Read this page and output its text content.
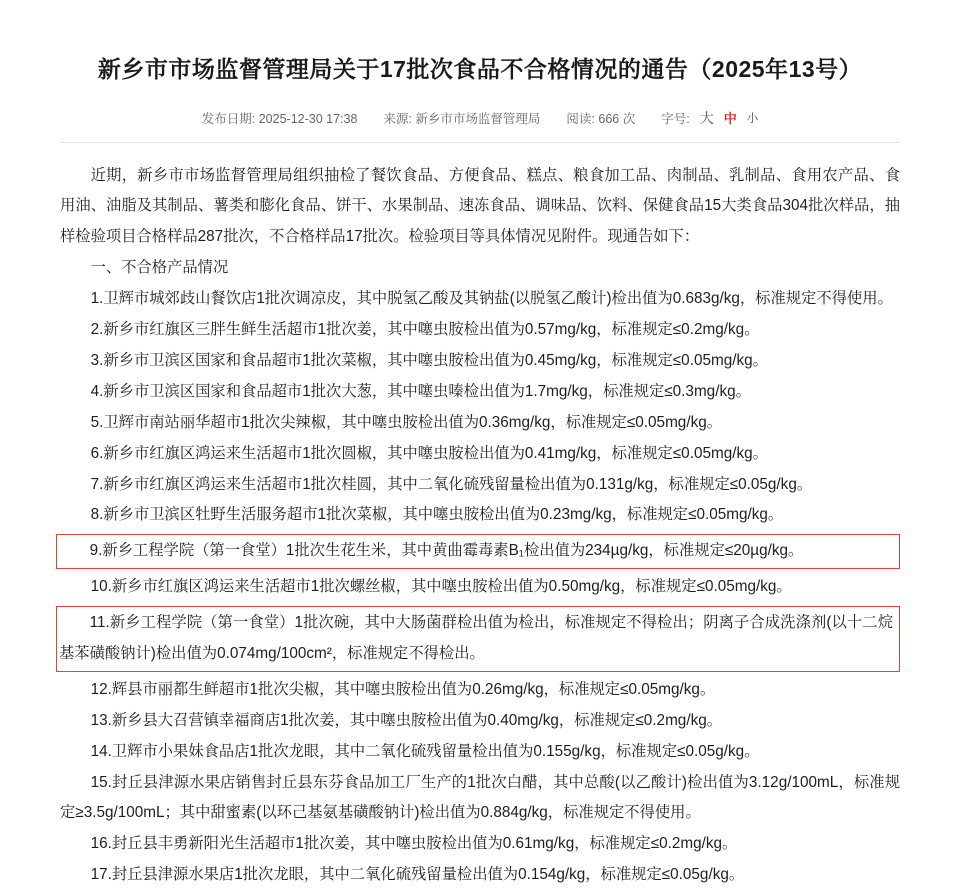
新乡市市场监督管理局关于17批次食品不合格情况的通告（2025年13号）
发布日期: 2025-12-30 17:38 来源: 新乡市市场监督管理局 阅读: 666 次 字号: 大 中 小

近期，新乡市市场监督管理局组织抽检了餐饮食品、方便食品、糕点、粮食加工品、肉制品、乳制品、食用农产品、食用油、油脂及其制品、薯类和膨化食品、饼干、水果制品、速冻食品、调味品、饮料、保健食品15大类食品304批次样品，抽样检验项目合格样品287批次，不合格样品17批次。检验项目等具体情况见附件。现通告如下：

一、不合格产品情况

1.卫辉市城郊歧山餐饮店1批次调凉皮，其中脱氢乙酸及其钠盐(以脱氢乙酸计)检出值为0.683g/kg，标准规定不得使用。

2.新乡市红旗区三胖生鲜生活超市1批次姜，其中噻虫胺检出值为0.57mg/kg，标准规定≤0.2mg/kg。

3.新乡市卫滨区国家和食品超市1批次菜椒，其中噻虫胺检出值为0.45mg/kg，标准规定≤0.05mg/kg。

4.新乡市卫滨区国家和食品超市1批次大葱，其中噻虫嗪检出值为1.7mg/kg，标准规定≤0.3mg/kg。

5.卫辉市南站丽华超市1批次尖辣椒，其中噻虫胺检出值为0.36mg/kg，标准规定≤0.05mg/kg。

6.新乡市红旗区鸿运来生活超市1批次圆椒，其中噻虫胺检出值为0.41mg/kg，标准规定≤0.05mg/kg。

7.新乡市红旗区鸿运来生活超市1批次桂圆，其中二氧化硫残留量检出值为0.131g/kg，标准规定≤0.05g/kg。

8.新乡市卫滨区牡野生活服务超市1批次菜椒，其中噻虫胺检出值为0.23mg/kg，标准规定≤0.05mg/kg。

9.新乡工程学院（第一食堂）1批次生花生米，其中黄曲霉毒素B₁检出值为234µg/kg，标准规定≤20µg/kg。

10.新乡市红旗区鸿运来生活超市1批次螺丝椒，其中噻虫胺检出值为0.50mg/kg，标准规定≤0.05mg/kg。

11.新乡工程学院（第一食堂）1批次碗，其中大肠菌群检出值为检出，标准规定不得检出；阴离子合成洗涤剂(以十二烷基苯磺酸钠计)检出值为0.074mg/100cm²，标准规定不得检出。

12.辉县市丽都生鲜超市1批次尖椒，其中噻虫胺检出值为0.26mg/kg，标准规定≤0.05mg/kg。

13.新乡县大召营镇幸福商店1批次姜，其中噻虫胺检出值为0.40mg/kg，标准规定≤0.2mg/kg。

14.卫辉市小果妹食品店1批次龙眼，其中二氧化硫残留量检出值为0.155g/kg，标准规定≤0.05g/kg。

15.封丘县津源水果店销售封丘县东芬食品加工厂生产的1批次白醋，其中总酸(以乙酸计)检出值为3.12g/100mL，标准规定≥3.5g/100mL；其中甜蜜素(以环己基氨基磺酸钠计)检出值为0.884g/kg，标准规定不得使用。

16.封丘县丰勇新阳光生活超市1批次姜，其中噻虫胺检出值为0.61mg/kg，标准规定≤0.2mg/kg。

17.封丘县津源水果店1批次龙眼，其中二氧化硫残留量检出值为0.154g/kg，标准规定≤0.05g/kg。
